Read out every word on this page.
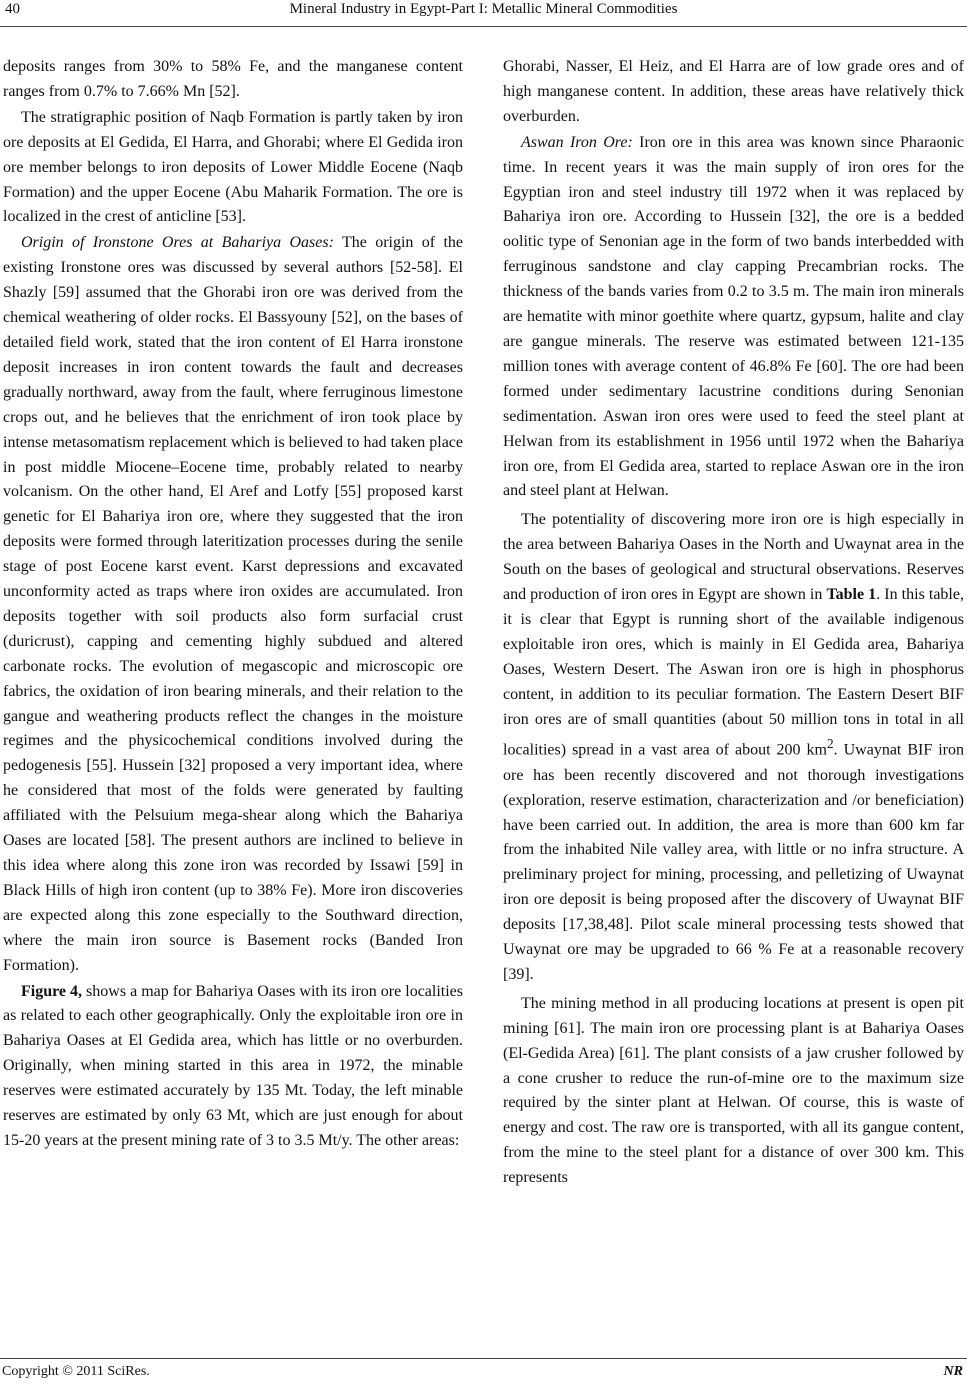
40	Mineral Industry in Egypt-Part I: Metallic Mineral Commodities

deposits ranges from 30% to 58% Fe, and the manganese content ranges from 0.7% to 7.66% Mn [52].

The stratigraphic position of Naqb Formation is partly taken by iron ore deposits at El Gedida, El Harra, and Ghorabi; where El Gedida iron ore member belongs to iron deposits of Lower Middle Eocene (Naqb Formation) and the upper Eocene (Abu Maharik Formation. The ore is localized in the crest of anticline [53].

Origin of Ironstone Ores at Bahariya Oases: The origin of the existing Ironstone ores was discussed by several authors [52-58]. El Shazly [59] assumed that the Ghorabi iron ore was derived from the chemical weathering of older rocks. El Bassyouny [52], on the bases of detailed field work, stated that the iron content of El Harra ironstone deposit increases in iron content towards the fault and decreases gradually northward, away from the fault, where ferruginous limestone crops out, and he believes that the enrichment of iron took place by intense metasomatism replacement which is believed to had taken place in post middle Miocene–Eocene time, probably related to nearby volcanism. On the other hand, El Aref and Lotfy [55] proposed karst genetic for El Bahariya iron ore, where they suggested that the iron deposits were formed through lateritization processes during the senile stage of post Eocene karst event. Karst depressions and excavated unconformity acted as traps where iron oxides are accumulated. Iron deposits together with soil products also form surfacial crust (duricrust), capping and cementing highly subdued and altered carbonate rocks. The evolution of megascopic and microscopic ore fabrics, the oxidation of iron bearing minerals, and their relation to the gangue and weathering products reflect the changes in the moisture regimes and the physicochemical conditions involved during the pedogenesis [55]. Hussein [32] proposed a very important idea, where he considered that most of the folds were generated by faulting affiliated with the Pelsuium mega-shear along which the Bahariya Oases are located [58]. The present authors are inclined to believe in this idea where along this zone iron was recorded by Issawi [59] in Black Hills of high iron content (up to 38% Fe). More iron discoveries are expected along this zone especially to the Southward direction, where the main iron source is Basement rocks (Banded Iron Formation).

Figure 4, shows a map for Bahariya Oases with its iron ore localities as related to each other geographically. Only the exploitable iron ore in Bahariya Oases at El Gedida area, which has little or no overburden. Originally, when mining started in this area in 1972, the minable reserves were estimated accurately by 135 Mt. Today, the left minable reserves are estimated by only 63 Mt, which are just enough for about 15-20 years at the present mining rate of 3 to 3.5 Mt/y. The other areas:

Ghorabi, Nasser, El Heiz, and El Harra are of low grade ores and of high manganese content. In addition, these areas have relatively thick overburden.

Aswan Iron Ore: Iron ore in this area was known since Pharaonic time. In recent years it was the main supply of iron ores for the Egyptian iron and steel industry till 1972 when it was replaced by Bahariya iron ore. According to Hussein [32], the ore is a bedded oolitic type of Senonian age in the form of two bands interbedded with ferruginous sandstone and clay capping Precambrian rocks. The thickness of the bands varies from 0.2 to 3.5 m. The main iron minerals are hematite with minor goethite where quartz, gypsum, halite and clay are gangue minerals. The reserve was estimated between 121-135 million tones with average content of 46.8% Fe [60]. The ore had been formed under sedimentary lacustrine conditions during Senonian sedimentation. Aswan iron ores were used to feed the steel plant at Helwan from its establishment in 1956 until 1972 when the Bahariya iron ore, from El Gedida area, started to replace Aswan ore in the iron and steel plant at Helwan.

The potentiality of discovering more iron ore is high especially in the area between Bahariya Oases in the North and Uwaynat area in the South on the bases of geological and structural observations. Reserves and production of iron ores in Egypt are shown in Table 1. In this table, it is clear that Egypt is running short of the available indigenous exploitable iron ores, which is mainly in El Gedida area, Bahariya Oases, Western Desert. The Aswan iron ore is high in phosphorus content, in addition to its peculiar formation. The Eastern Desert BIF iron ores are of small quantities (about 50 million tons in total in all localities) spread in a vast area of about 200 $km^2$. Uwaynat BIF iron ore has been recently discovered and not thorough investigations (exploration, reserve estimation, characterization and /or beneficiation) have been carried out. In addition, the area is more than 600 km far from the inhabited Nile valley area, with little or no infra structure. A preliminary project for mining, processing, and pelletizing of Uwaynat iron ore deposit is being proposed after the discovery of Uwaynat BIF deposits [17,38,48]. Pilot scale mineral processing tests showed that Uwaynat ore may be upgraded to 66 % Fe at a reasonable recovery [39].

The mining method in all producing locations at present is open pit mining [61]. The main iron ore processing plant is at Bahariya Oases (El-Gedida Area) [61]. The plant consists of a jaw crusher followed by a cone crusher to reduce the run-of-mine ore to the maximum size required by the sinter plant at Helwan. Of course, this is waste of energy and cost. The raw ore is transported, with all its gangue content, from the mine to the steel plant for a distance of over 300 km. This represents

Copyright © 2011 SciRes.	NR
